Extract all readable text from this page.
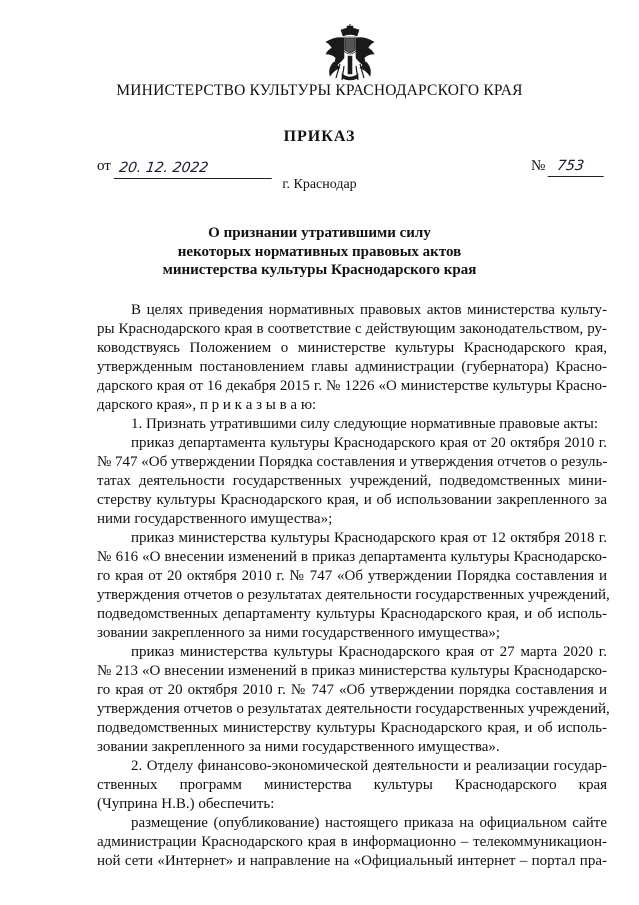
МИНИСТЕРСТВО КУЛЬТУРЫ КРАСНОДАРСКОГО КРАЯ
ПРИКАЗ
от 20. 12. 2022	№ 753
г. Краснодар
О признании утратившими силу
некоторых нормативных правовых актов
министерства культуры Краснодарского края
В целях приведения нормативных правовых актов министерства культу-
ры Краснодарского края в соответствие с действующим законодательством, ру-
ководствуясь Положением о министерстве культуры Краснодарского края,
утвержденным постановлением главы администрации (губернатора) Красно-
дарского края от 16 декабря 2015 г. № 1226 «О министерстве культуры Красно-
дарского края», п р и к а з ы в а ю:
1. Признать утратившими силу следующие нормативные правовые акты:
приказ департамента культуры Краснодарского края от 20 октября 2010 г.
№ 747 «Об утверждении Порядка составления и утверждения отчетов о резуль-
татах деятельности государственных учреждений, подведомственных мини-
стерству культуры Краснодарского края, и об использовании закрепленного за
ними государственного имущества»;
приказ министерства культуры Краснодарского края от 12 октября 2018 г.
№ 616 «О внесении изменений в приказ департамента культуры Краснодарско-
го края от 20 октября 2010 г. № 747 «Об утверждении Порядка составления и
утверждения отчетов о результатах деятельности государственных учреждений,
подведомственных департаменту культуры Краснодарского края, и об исполь-
зовании закрепленного за ними государственного имущества»;
приказ министерства культуры Краснодарского края от 27 марта 2020 г.
№ 213 «О внесении изменений в приказ министерства культуры Краснодарско-
го края от 20 октября 2010 г. № 747 «Об утверждении порядка составления и
утверждения отчетов о результатах деятельности государственных учреждений,
подведомственных министерству культуры Краснодарского края, и об исполь-
зовании закрепленного за ними государственного имущества».
2. Отделу финансово-экономической деятельности и реализации государ-
ственных программ министерства культуры Краснодарского края
(Чуприна Н.В.) обеспечить:
размещение (опубликование) настоящего приказа на официальном сайте
администрации Краснодарского края в информационно – телекоммуникацион-
ной сети «Интернет» и направление на «Официальный интернет – портал пра-
